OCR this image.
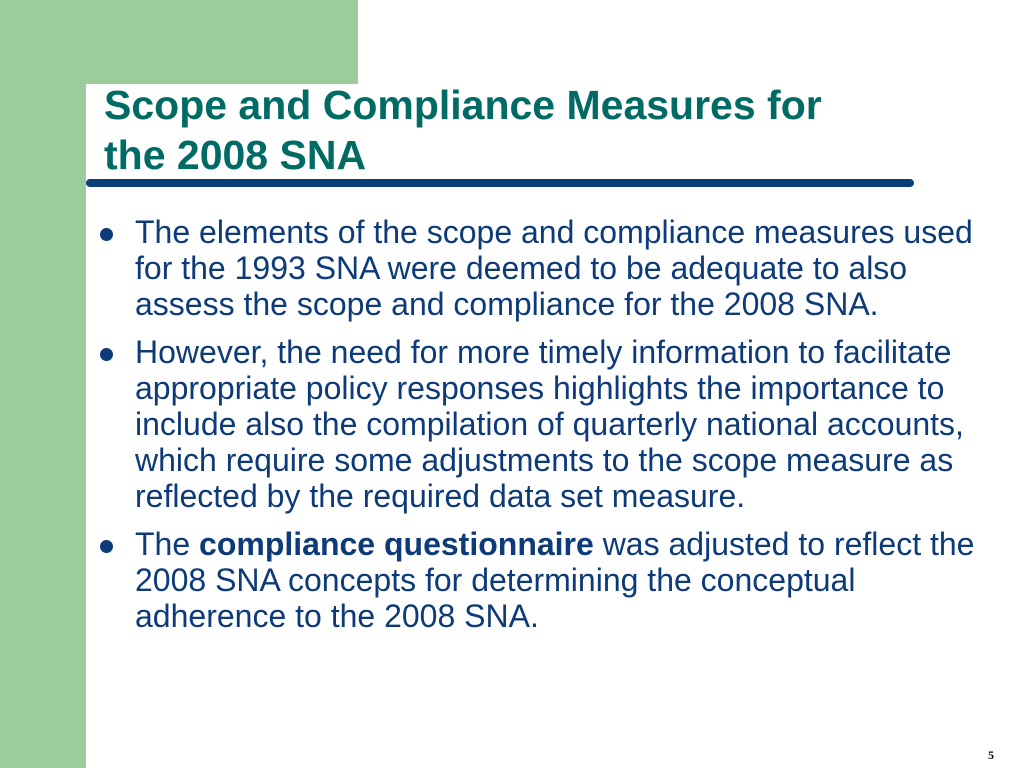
Scope and Compliance Measures for
the 2008 SNA
The elements of the scope and compliance measures used for the 1993 SNA were deemed to be adequate to also assess the scope and compliance for the 2008 SNA.
However, the need for more timely information to facilitate appropriate policy responses highlights the importance to include also the compilation of quarterly national accounts, which require some adjustments to the scope measure as reflected by the required data set measure.
The compliance questionnaire was adjusted to reflect the 2008 SNA concepts for determining the conceptual adherence to the 2008 SNA.
5
